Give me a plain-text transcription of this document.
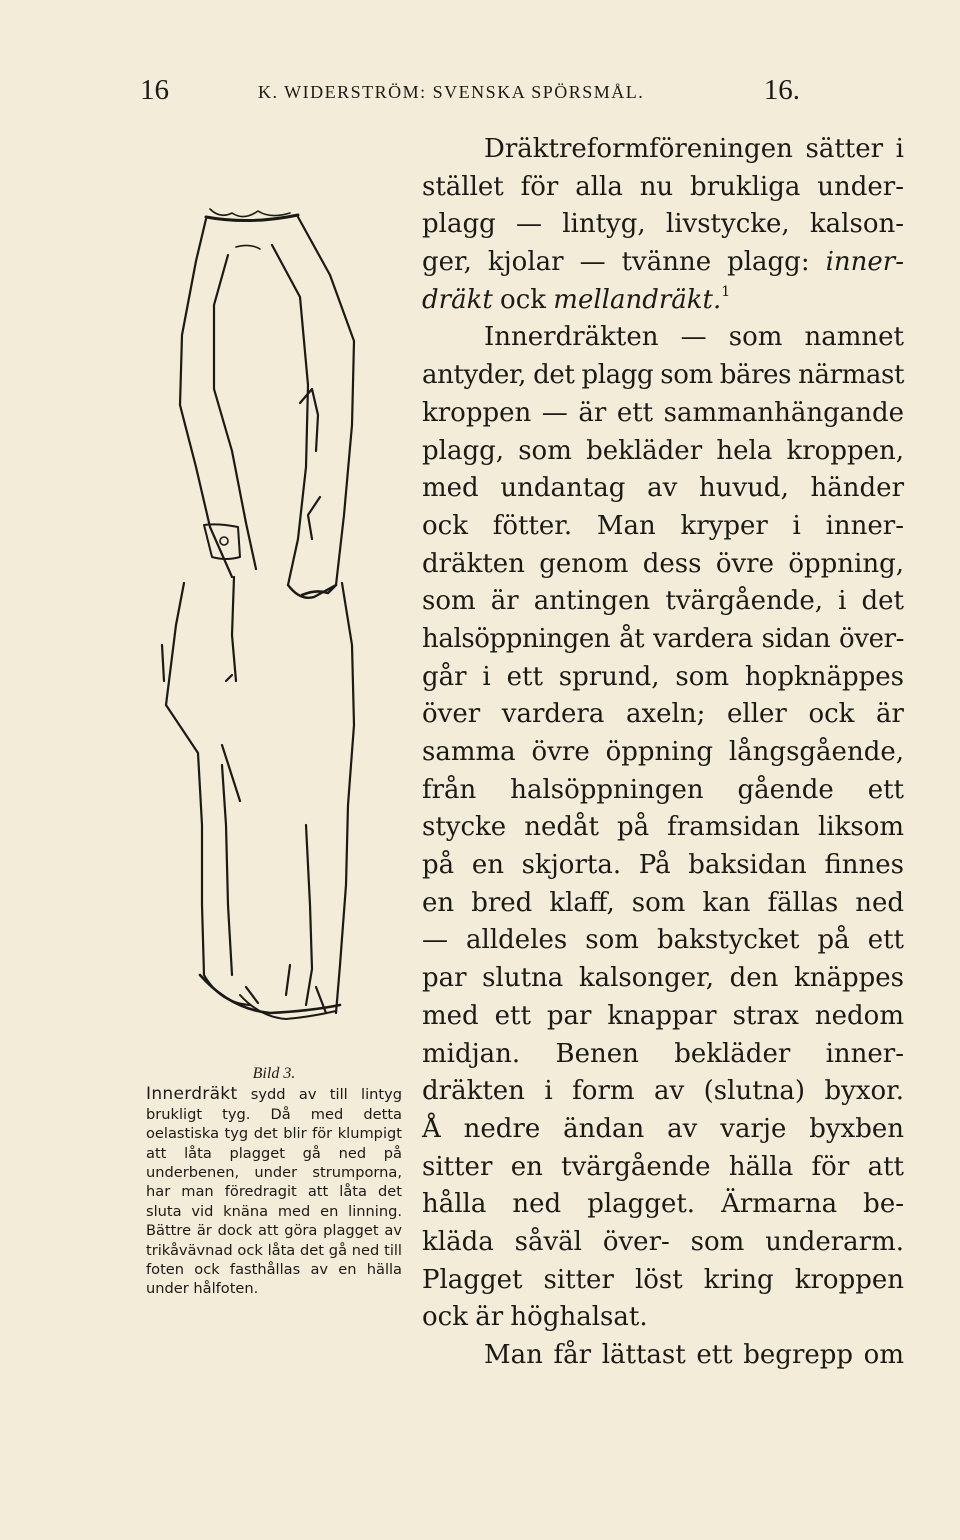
16	K. WIDERSTRÖM: SVENSKA SPÖRSMÅL.	16.
Bild 3.
Innerdräkt sydd av till lintyg brukligt tyg. Då med detta oelastiska tyg det blir för klumpigt att låta plagget gå ned på underbenen, under strumporna, har man föredragit att låta det sluta vid knäna med en linning. Bättre är dock att göra plagget av trikåvävnad ock låta det gå ned till foten ock fasthållas av en hälla under hålfoten.
Dräktreformföreningen sätter i
stället för alla nu brukliga under-
plagg — lintyg, livstycke, kalson-
ger, kjolar — tvänne plagg: inner-
dräkt ock mellandräkt.$^1$
Innerdräkten — som namnet
antyder, det plagg som bäres närmast
kroppen — är ett sammanhängande
plagg, som bekläder hela kroppen,
med undantag av huvud, händer
ock fötter. Man kryper i inner-
dräkten genom dess övre öppning,
som är antingen tvärgående, i det
halsöppningen åt vardera sidan över-
går i ett sprund, som hopknäppes
över vardera axeln; eller ock är
samma övre öppning långsgående,
från halsöppningen gående ett
stycke nedåt på framsidan liksom
på en skjorta. På baksidan finnes
en bred klaff, som kan fällas ned
— alldeles som bakstycket på ett
par slutna kalsonger, den knäppes
med ett par knappar strax nedom
midjan. Benen bekläder inner-
dräkten i form av (slutna) byxor.
Å nedre ändan av varje byxben
sitter en tvärgående hälla för att
hålla ned plagget. Ärmarna be-
kläda såväl över- som underarm.
Plagget sitter löst kring kroppen
ock är höghalsat.
Man får lättast ett begrepp om
